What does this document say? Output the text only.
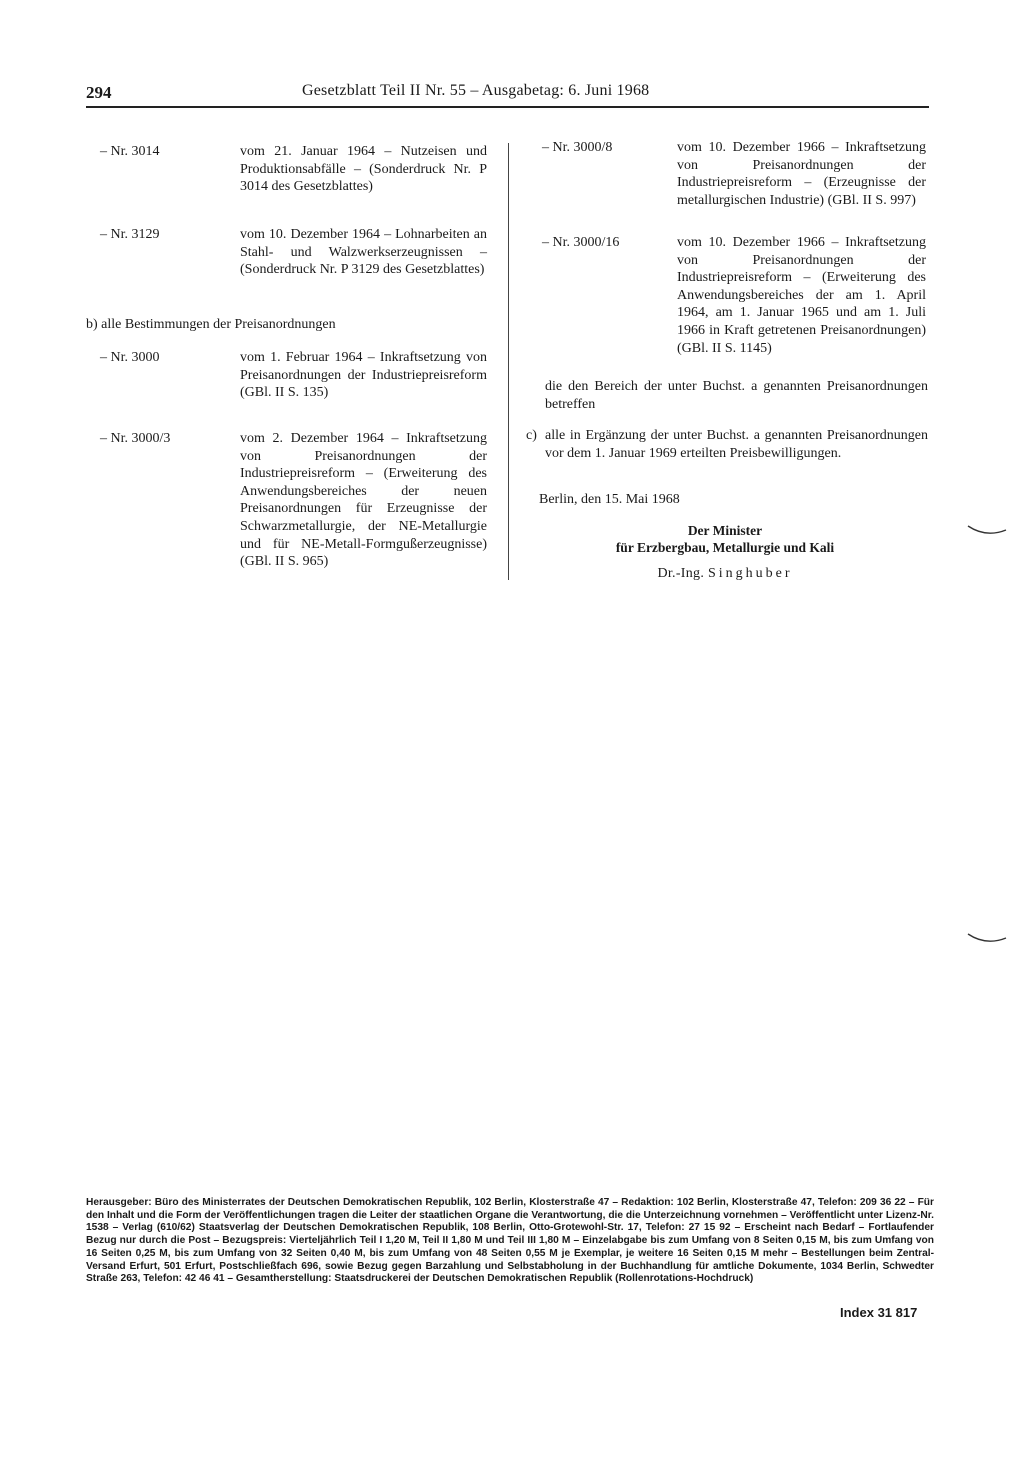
294	Gesetzblatt Teil II Nr. 55 – Ausgabetag: 6. Juni 1968
– Nr. 3014	vom 21. Januar 1964 – Nutzeisen und Produktionsabfälle – (Sonderdruck Nr. P 3014 des Gesetzblattes)
– Nr. 3129	vom 10. Dezember 1964 – Lohnarbeiten an Stahl- und Walzwerkserzeugnissen – (Sonderdruck Nr. P 3129 des Gesetzblattes)
b) alle Bestimmungen der Preisanordnungen
– Nr. 3000	vom 1. Februar 1964 – Inkraftsetzung von Preisanordnungen der Industriepreisreform (GBl. II S. 135)
– Nr. 3000/3	vom 2. Dezember 1964 – Inkraftsetzung von Preisanordnungen der Industriepreisreform – (Erweiterung des Anwendungsbereiches der neuen Preisanordnungen für Erzeugnisse der Schwarzmetallurgie, der NE-Metallurgie und für NE-Metall-Formgußerzeugnisse) (GBl. II S. 965)
– Nr. 3000/8	vom 10. Dezember 1966 – Inkraftsetzung von Preisanordnungen der Industriepreisreform – (Erzeugnisse der metallurgischen Industrie) (GBl. II S. 997)
– Nr. 3000/16	vom 10. Dezember 1966 – Inkraftsetzung von Preisanordnungen der Industriepreisreform – (Erweiterung des Anwendungsbereiches der am 1. April 1964, am 1. Januar 1965 und am 1. Juli 1966 in Kraft getretenen Preisanordnungen) (GBl. II S. 1145)
die den Bereich der unter Buchst. a genannten Preisanordnungen betreffen
c) alle in Ergänzung der unter Buchst. a genannten Preisanordnungen vor dem 1. Januar 1969 erteilten Preisbewilligungen.
Berlin, den 15. Mai 1968
Der Minister
für Erzbergbau, Metallurgie und Kali
Dr.-Ing. Singhuber
Herausgeber: Büro des Ministerrates der Deutschen Demokratischen Republik, 102 Berlin, Klosterstraße 47 – Redaktion: 102 Berlin, Klosterstraße 47, Telefon: 209 36 22 – Für den Inhalt und die Form der Veröffentlichungen tragen die Leiter der staatlichen Organe die Verantwortung, die die Unterzeichnung vornehmen – Veröffentlicht unter Lizenz-Nr. 1538 – Verlag (610/62) Staatsverlag der Deutschen Demokratischen Republik, 108 Berlin, Otto-Grotewohl-Str. 17, Telefon: 27 15 92 – Erscheint nach Bedarf – Fortlaufender Bezug nur durch die Post – Bezugspreis: Vierteljährlich Teil I 1,20 M, Teil II 1,80 M und Teil III 1,80 M – Einzelabgabe bis zum Umfang von 8 Seiten 0,15 M, bis zum Umfang von 16 Seiten 0,25 M, bis zum Umfang von 32 Seiten 0,40 M, bis zum Umfang von 48 Seiten 0,55 M je Exemplar, je weitere 16 Seiten 0,15 M mehr – Bestellungen beim Zentral-Versand Erfurt, 501 Erfurt, Postschließfach 696, sowie Bezug gegen Barzahlung und Selbstabholung in der Buchhandlung für amtliche Dokumente, 1034 Berlin, Schwedter Straße 263, Telefon: 42 46 41 – Gesamtherstellung: Staatsdruckerei der Deutschen Demokratischen Republik (Rollenrotations-Hochdruck)
Index 31 817
